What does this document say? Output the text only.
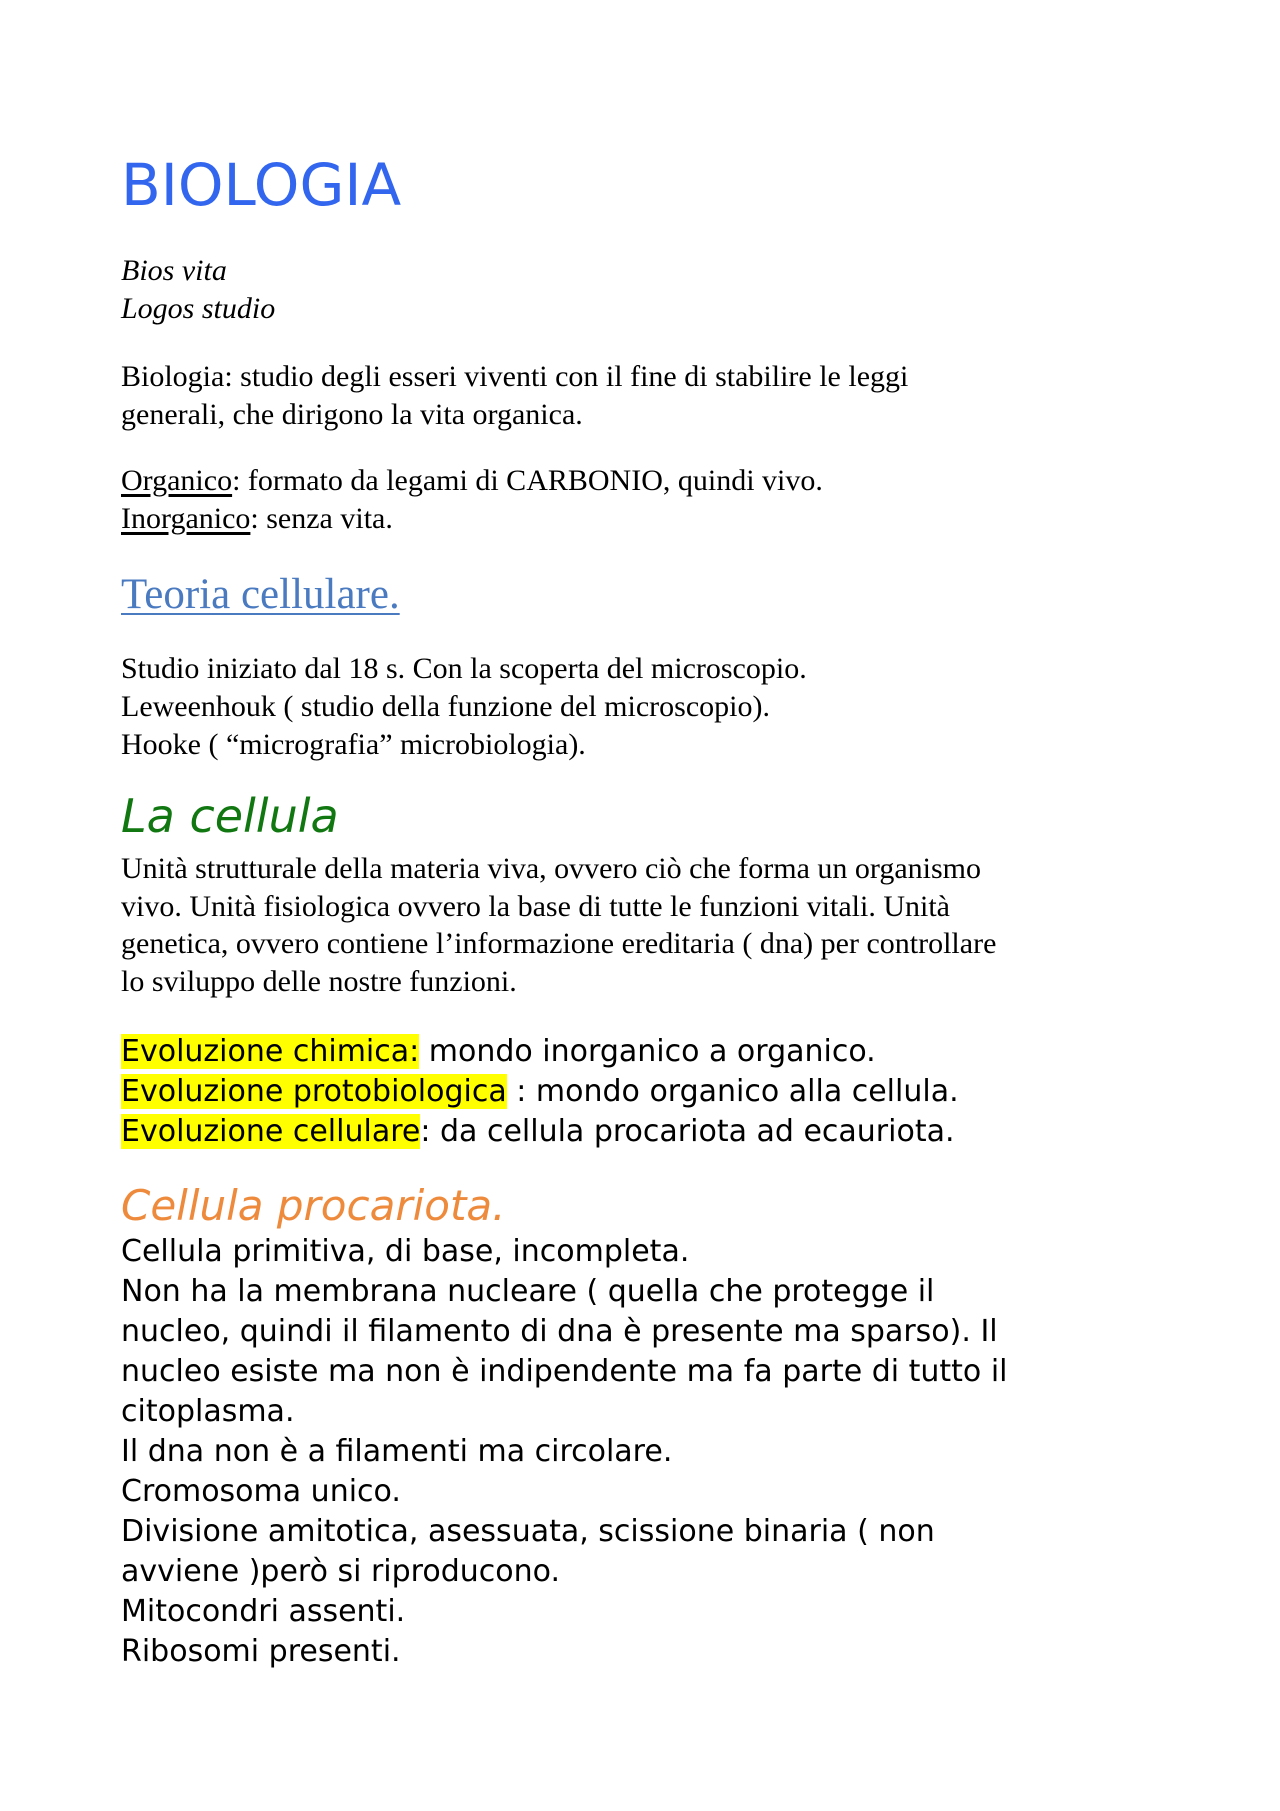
BIOLOGIA
Bios vita
Logos studio
Biologia: studio degli esseri viventi con il fine di stabilire le leggi
generali, che dirigono la vita organica.
Organico: formato da legami di CARBONIO, quindi vivo.
Inorganico: senza vita.
Teoria cellulare.
Studio iniziato dal 18 s. Con la scoperta del microscopio.
Leweenhouk ( studio della funzione del microscopio).
Hooke ( “micrografia” microbiologia).
La cellula
Unità strutturale della materia viva, ovvero ciò che forma un organismo
vivo. Unità fisiologica ovvero la base di tutte le funzioni vitali. Unità
genetica, ovvero contiene l’informazione ereditaria ( dna) per controllare
lo sviluppo delle nostre funzioni.
Evoluzione chimica: mondo inorganico a organico.
Evoluzione protobiologica : mondo organico alla cellula.
Evoluzione cellulare: da cellula procariota ad ecauriota.
Cellula procariota.
Cellula primitiva, di base, incompleta.
Non ha la membrana nucleare ( quella che protegge il
nucleo, quindi il filamento di dna è presente ma sparso). Il
nucleo esiste ma non è indipendente ma fa parte di tutto il
citoplasma.
Il dna non è a filamenti ma circolare.
Cromosoma unico.
Divisione amitotica, asessuata, scissione binaria ( non
avviene )però si riproducono.
Mitocondri assenti.
Ribosomi presenti.
